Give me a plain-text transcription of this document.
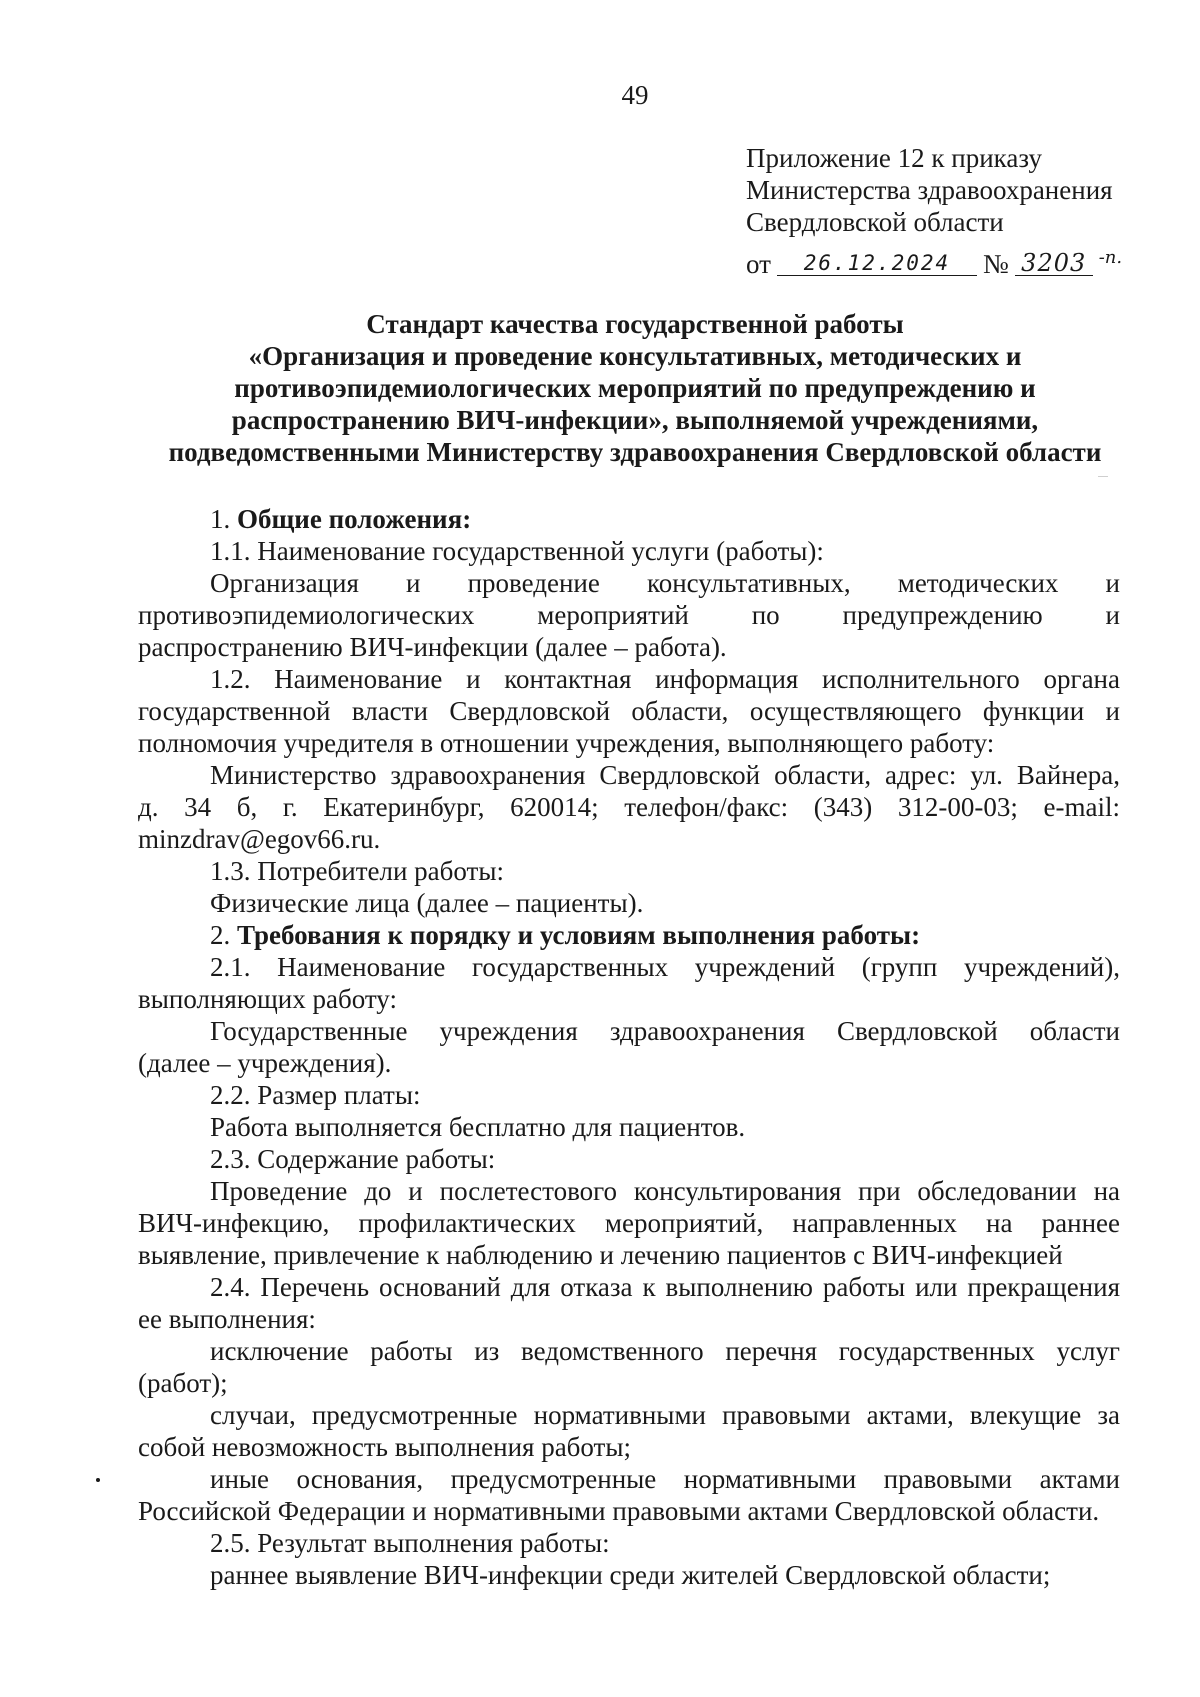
49
Приложение 12 к приказу
Министерства здравоохранения
Свердловской области
от	26.12.2024	№ 3203 -п.
Стандарт качества государственной работы
«Организация и проведение консультативных, методических и
противоэпидемиологических мероприятий по предупреждению и
распространению ВИЧ-инфекции», выполняемой учреждениями,
подведомственными Министерству здравоохранения Свердловской области

1. Общие положения:

1.1. Наименование государственной услуги (работы):

Организация и проведение консультативных, методических и
противоэпидемиологических мероприятий по предупреждению и
распространению ВИЧ-инфекции (далее – работа).

1.2. Наименование и контактная информация исполнительного органа
государственной власти Свердловской области, осуществляющего функции и
полномочия учредителя в отношении учреждения, выполняющего работу:

Министерство здравоохранения Свердловской области, адрес: ул. Вайнера,
д. 34 б, г. Екатеринбург, 620014; телефон/факс: (343) 312-00-03; e-mail:
minzdrav@egov66.ru.

1.3. Потребители работы:

Физические лица (далее – пациенты).

2. Требования к порядку и условиям выполнения работы:

2.1. Наименование государственных учреждений (групп учреждений),
выполняющих работу:

Государственные учреждения здравоохранения Свердловской области
(далее – учреждения).

2.2. Размер платы:

Работа выполняется бесплатно для пациентов.

2.3. Содержание работы:

Проведение до и послетестового консультирования при обследовании на
ВИЧ-инфекцию, профилактических мероприятий, направленных на раннее
выявление, привлечение к наблюдению и лечению пациентов с ВИЧ-инфекцией

2.4. Перечень оснований для отказа к выполнению работы или прекращения
ее выполнения:

исключение работы из ведомственного перечня государственных услуг
(работ);

случаи, предусмотренные нормативными правовыми актами, влекущие за
собой невозможность выполнения работы;

иные основания, предусмотренные нормативными правовыми актами
Российской Федерации и нормативными правовыми актами Свердловской области.

2.5. Результат выполнения работы:

раннее выявление ВИЧ-инфекции среди жителей Свердловской области;
